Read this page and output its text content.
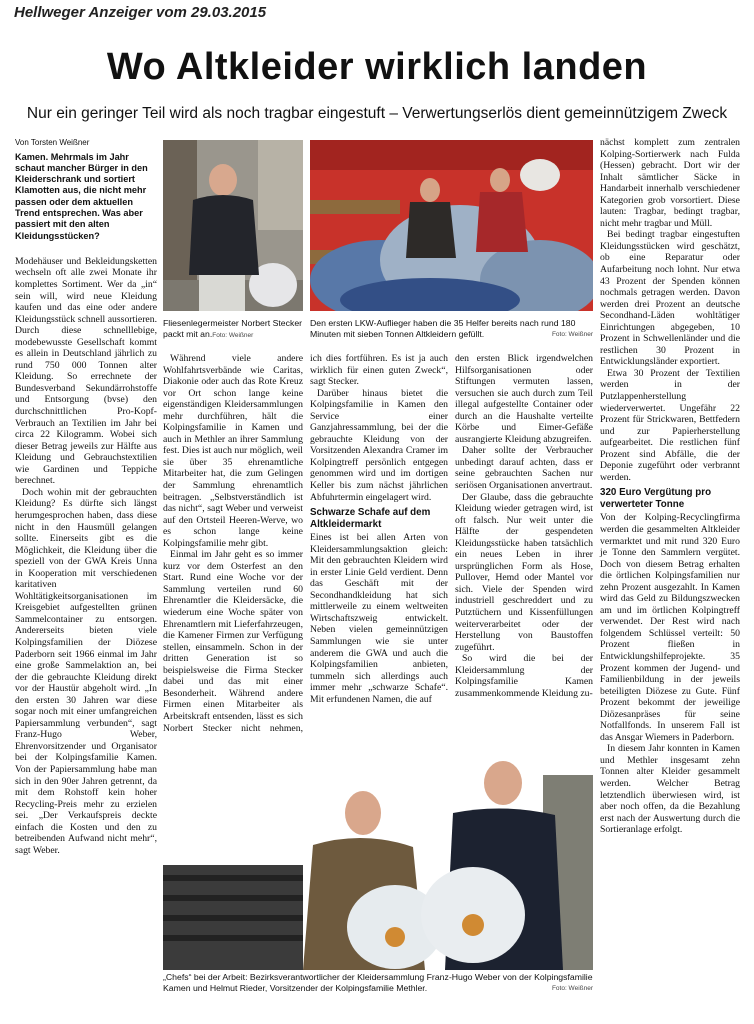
Hellweger Anzeiger vom 29.03.2015
Wo Altkleider wirklich landen
Nur ein geringer Teil wird als noch tragbar eingestuft – Verwertungserlös dient gemeinnützigem Zweck
Von Torsten Weißner
Kamen. Mehrmals im Jahr schaut mancher Bürger in den Kleiderschrank und sortiert Klamotten aus, die nicht mehr passen oder dem aktuellen Trend entsprechen. Was aber passiert mit den alten Kleidungsstücken?

Modehäuser und Bekleidungsketten wechseln oft alle zwei Monate ihr komplettes Sortiment. Wer da „in“ sein will, wird neue Kleidung kaufen und das eine oder andere Kleidungsstück schnell aussortieren. Durch diese schnelllebige, modebewusste Gesellschaft kommt es allein in Deutschland jährlich zu rund 750 000 Tonnen alter Kleidung. So errechnete der Bundesverband Sekundärrohstoffe und Entsorgung (bvse) den durchschnittlichen Pro-Kopf-Verbrauch an Textilien im Jahr bei circa 22 Kilogramm. Wobei sich dieser Betrag jeweils zur Hälfte aus Kleidung und Gebrauchstextilien wie Gardinen und Teppiche berechnet.

Doch wohin mit der gebrauchten Kleidung? Es dürfte sich längst herumgesprochen haben, dass diese nicht in den Hausmüll gelangen sollte. Einerseits gibt es die Möglichkeit, die Kleidung über die speziell von der GWA Kreis Unna in Kooperation mit verschiedenen karitativen Wohltätigkeitsorganisationen im Kreisgebiet aufgestellten grünen Sammelcontainer zu entsorgen. Andererseits bieten viele Kolpingsfamilien der Diözese Paderborn seit 1966 einmal im Jahr eine große Sammelaktion an, bei der die gebrauchte Kleidung direkt vor der Haustür abgeholt wird. „In den ersten 30 Jahren war diese sogar noch mit einer umfangreichen Papiersammlung verbunden“, sagt Franz-Hugo Weber, Ehrenvorsitzender und Organisator bei der Kolpingsfamilie Kamen. Von der Papiersammlung habe man sich in den 90er Jahren getrennt, da mit dem Rohstoff kein hoher Recycling-Preis mehr zu erzielen sei. „Der Verkaufspreis deckte einfach die Kosten und den zu betreibenden Aufwand nicht mehr“, sagt Weber.

Fliesenlegermeister Norbert Stecker packt mit an.Foto: Weißner
Den ersten LKW-Auflieger haben die 35 Helfer bereits nach rund 180 Minuten mit sieben Tonnen Altkleidern gefüllt.	Foto: Weißner

Während viele andere Wohlfahrtsverbände wie Caritas, Diakonie oder auch das Rote Kreuz vor Ort schon lange keine eigenständigen Kleidersammlungen mehr durchführen, hält die Kolpingsfamilie in Kamen und auch in Methler an ihrer Sammlung fest. Dies ist auch nur möglich, weil sie über 35 ehrenamtliche Mitarbeiter hat, die zum Gelingen der Sammlung ehrenamtlich beitragen. „Selbstverständlich ist das nicht“, sagt Weber und verweist auf den Ortsteil Heeren-Werve, wo es schon lange keine Kolpingsfamilie mehr gibt.

Einmal im Jahr geht es so immer kurz vor dem Osterfest an den Start. Rund eine Woche vor der Sammlung verteilen rund 60 Ehrenamtler die Kleidersäcke, die wiederum eine Woche später von Ehrenamtlern mit Lieferfahrzeugen, die Kamener Firmen zur Verfügung stellen, einsammeln. Schon in der dritten Generation ist so beispielsweise die Firma Stecker dabei und das mit einer Besonderheit. Während andere Firmen einen Mitarbeiter als Arbeitskraft entsenden, lässt es sich Norbert Stecker nicht nehmen,

ich dies fortführen. Es ist ja auch wirklich für einen guten Zweck“, sagt Stecker.

Darüber hinaus bietet die Kolpingsfamilie in Kamen den Service einer Ganzjahressammlung, bei der die gebrauchte Kleidung von der Vorsitzenden Alexandra Cramer im Kolpingtreff persönlich entgegen genommen wird und im dortigen Keller bis zum nächst jährlichen Abfuhrtermin eingelagert wird.

Schwarze Schafe auf dem Altkleidermarkt

Eines ist bei allen Arten von Kleidersammlungsaktion gleich: Mit den gebrauchten Kleidern wird in erster Linie Geld verdient. Denn das Geschäft mit der Secondhandkleidung hat sich mittlerweile zu einem weltweiten Wirtschaftszweig entwickelt. Neben vielen gemeinnützigen Sammlungen wie sie unter anderem die GWA und auch die Kolpingsfamilien anbieten, tummeln sich allerdings auch immer mehr „schwarze Schafe“. Mit erfundenen Namen, die auf

den ersten Blick irgendwelchen Hilfsorganisationen oder Stiftungen vermuten lassen, versuchen sie auch durch zum Teil illegal aufgestellte Container oder durch an die Haushalte verteilte Körbe und Eimer-Gefäße ausrangierte Kleidung abzugreifen.

Daher sollte der Verbraucher unbedingt darauf achten, dass er seine gebrauchten Sachen nur seriösen Organisationen anvertraut.

Der Glaube, dass die gebrauchte Kleidung wieder getragen wird, ist oft falsch. Nur weit unter die Hälfte der gespendeten Kleidungsstücke haben tatsächlich ein neues Leben in ihrer ursprünglichen Form als Hose, Pullover, Hemd oder Mantel vor sich. Viele der Spenden wird industriell geschreddert und zu Putztüchern und Kissenfüllungen weiterverarbeitet oder der Herstellung von Baustoffen zugeführt.

So wird die bei der Kleidersammlung der Kolpingsfamilie Kamen zusammenkommende Kleidung zu-

„Chefs“ bei der Arbeit: Bezirksverantwortlicher der Kleidersammlung Franz-Hugo Weber von der Kolpingsfamilie Kamen und Helmut Rieder, Vorsitzender der Kolpingsfamilie Methler.	Foto: Weißner

nächst komplett zum zentralen Kolping-Sortierwerk nach Fulda (Hessen) gebracht. Dort wir der Inhalt sämtlicher Säcke in Handarbeit innerhalb verschiedener Kategorien grob vorsortiert. Diese lauten: Tragbar, bedingt tragbar, nicht mehr tragbar und Müll.

Bei bedingt tragbar eingestuften Kleidungsstücken wird geschätzt, ob eine Reparatur oder Aufarbeitung noch lohnt. Nur etwa 43 Prozent der Spenden können nochmals getragen werden. Davon werden drei Prozent an deutsche Secondhand-Läden wohltätiger Einrichtungen abgegeben, 10 Prozent in Schwellenländer und die restlichen 30 Prozent in Entwicklungsländer exportiert.

Etwa 30 Prozent der Textilien werden in der Putzlappenherstellung wiederverwertet. Ungefähr 22 Prozent für Strickwaren, Bettfedern und zur Papierherstellung aufgearbeitet. Die restlichen fünf Prozent sind Abfälle, die der Deponie zugeführt oder verbrannt werden.

320 Euro Vergütung pro verwerteter Tonne

Von der Kolping-Recyclingfirma werden die gesammelten Altkleider vermarktet und mit rund 320 Euro je Tonne den Sammlern vergütet. Doch von diesem Betrag erhalten die örtlichen Kolpingsfamilien nur zehn Prozent ausgezahlt. In Kamen wird das Geld zu Bildungszwecken am und im örtlichen Kolpingtreff verwendet. Der Rest wird nach folgendem Schlüssel verteilt: 50 Prozent fließen in Entwicklungshilfeprojekte. 35 Prozent kommen der Jugend- und Familienbildung in der jeweils beteiligten Diözese zu Gute. Fünf Prozent bekommt der jeweilige Diözesanpräses für seine Notfallfonds. In unserem Fall ist das Ansgar Wiemers in Paderborn.

In diesem Jahr konnten in Kamen und Methler insgesamt zehn Tonnen alter Kleider gesammelt werden. Welcher Betrag letztendlich überwiesen wird, ist aber noch offen, da die Bezahlung erst nach der Auswertung durch die Sortieranlage erfolgt.
